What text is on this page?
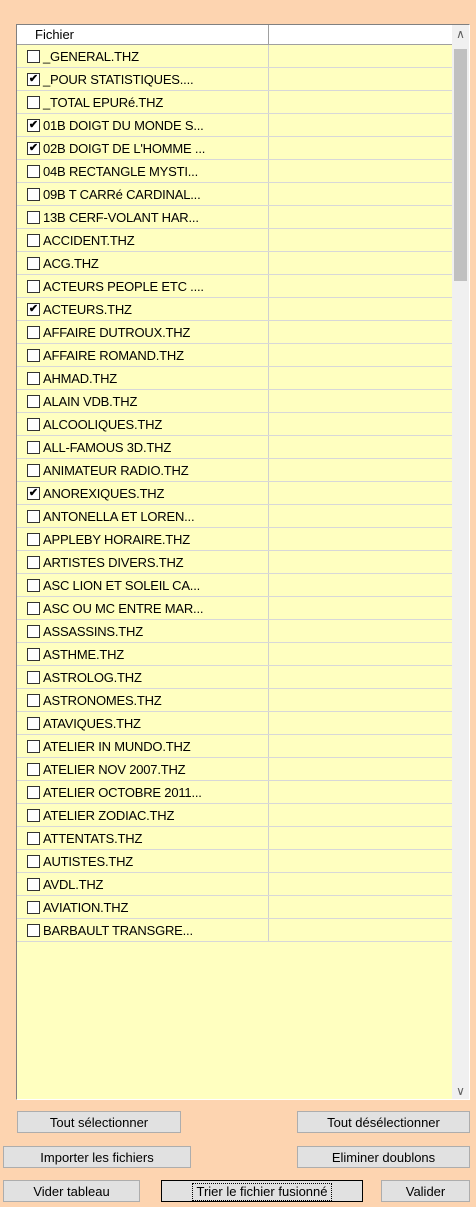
Fichier
_GENERAL.THZ
✔ _POUR STATISTIQUES....
_TOTAL EPURé.THZ
✔ 01B DOIGT DU MONDE S...
✔ 02B DOIGT DE L'HOMME ...
04B RECTANGLE MYSTI...
09B T CARRé CARDINAL...
13B CERF-VOLANT HAR...
ACCIDENT.THZ
ACG.THZ
ACTEURS PEOPLE ETC ....
✔ ACTEURS.THZ
AFFAIRE DUTROUX.THZ
AFFAIRE ROMAND.THZ
AHMAD.THZ
ALAIN VDB.THZ
ALCOOLIQUES.THZ
ALL-FAMOUS 3D.THZ
ANIMATEUR RADIO.THZ
✔ ANOREXIQUES.THZ
ANTONELLA ET LOREN...
APPLEBY HORAIRE.THZ
ARTISTES DIVERS.THZ
ASC LION ET SOLEIL CA...
ASC OU MC ENTRE MAR...
ASSASSINS.THZ
ASTHME.THZ
ASTROLOG.THZ
ASTRONOMES.THZ
ATAVIQUES.THZ
ATELIER IN MUNDO.THZ
ATELIER NOV 2007.THZ
ATELIER OCTOBRE 2011...
ATELIER ZODIAC.THZ
ATTENTATS.THZ
AUTISTES.THZ
AVDL.THZ
AVIATION.THZ
BARBAULT TRANSGRE...
∧
∨
Tout sélectionner	Tout désélectionner
Importer les fichiers	Eliminer doublons
Vider tableau	Trier le fichier fusionné	Valider
